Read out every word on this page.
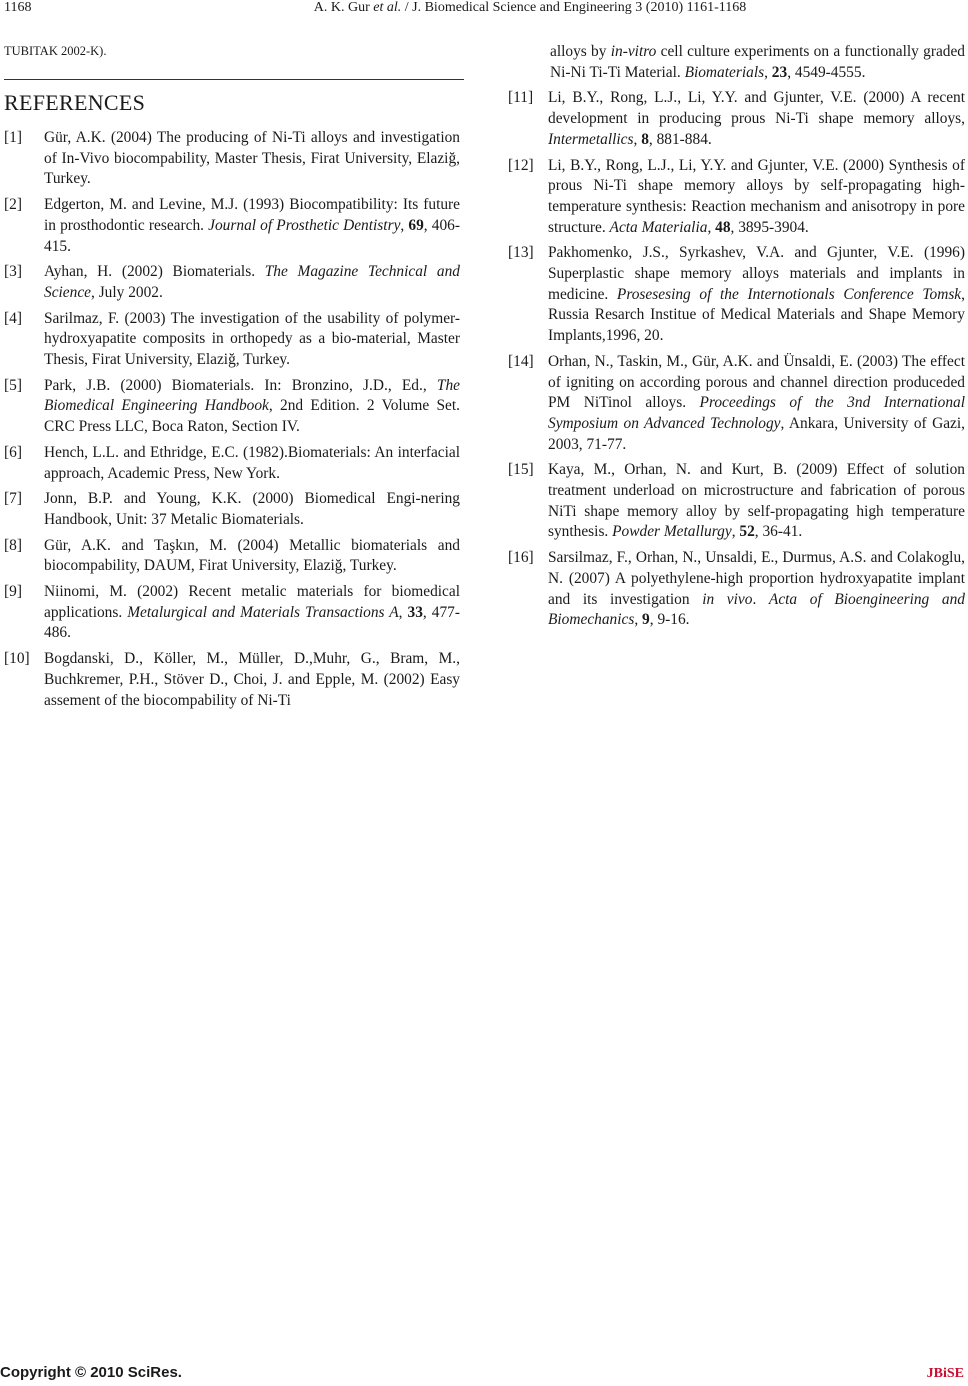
1168	A. K. Gur et al. / J. Biomedical Science and Engineering 3 (2010) 1161-1168
TUBITAK 2002-K).
REFERENCES
[1] Gür, A.K. (2004) The producing of Ni-Ti alloys and investigation of In-Vivo biocompability, Master Thesis, Firat University, Elaziğ, Turkey.
[2] Edgerton, M. and Levine, M.J. (1993) Biocompatibility: Its future in prosthodontic research. Journal of Prosthetic Dentistry, 69, 406-415.
[3] Ayhan, H. (2002) Biomaterials. The Magazine Technical and Science, July 2002.
[4] Sarilmaz, F. (2003) The investigation of the usability of polymer-hydroxyapatite composits in orthopedy as a bio-material, Master Thesis, Firat University, Elaziğ, Turkey.
[5] Park, J.B. (2000) Biomaterials. In: Bronzino, J.D., Ed., The Biomedical Engineering Handbook, 2nd Edition. 2 Volume Set. CRC Press LLC, Boca Raton, Section IV.
[6] Hench, L.L. and Ethridge, E.C. (1982).Biomaterials: An interfacial approach, Academic Press, New York.
[7] Jonn, B.P. and Young, K.K. (2000) Biomedical Engi-nering Handbook, Unit: 37 Metalic Biomaterials.
[8] Gür, A.K. and Taşkın, M. (2004) Metallic biomaterials and biocompability, DAUM, Firat University, Elaziğ, Turkey.
[9] Niinomi, M. (2002) Recent metalic materials for biomedical applications. Metalurgical and Materials Transactions A, 33, 477-486.
[10] Bogdanski, D., Köller, M., Müller, D.,Muhr, G., Bram, M., Buchkremer, P.H., Stöver D., Choi, J. and Epple, M. (2002) Easy assement of the biocompability of Ni-Ti
alloys by in-vitro cell culture experiments on a functionally graded Ni-Ni Ti-Ti Material. Biomaterials, 23, 4549-4555.
[11] Li, B.Y., Rong, L.J., Li, Y.Y. and Gjunter, V.E. (2000) A recent development in producing prous Ni-Ti shape memory alloys, Intermetallics, 8, 881-884.
[12] Li, B.Y., Rong, L.J., Li, Y.Y. and Gjunter, V.E. (2000) Synthesis of prous Ni-Ti shape memory alloys by self-propagating high-temperature synthesis: Reaction mechanism and anisotropy in pore structure. Acta Materialia, 48, 3895-3904.
[13] Pakhomenko, J.S., Syrkashev, V.A. and Gjunter, V.E. (1996) Superplastic shape memory alloys materials and implants in medicine. Prosesesing of the Internotionals Conference Tomsk, Russia Resarch Institue of Medical Materials and Shape Memory Implants,1996, 20.
[14] Orhan, N., Taskin, M., Gür, A.K. and Ünsaldi, E. (2003) The effect of igniting on according porous and channel direction produceded PM NiTinol alloys. Proceedings of the 3nd International Symposium on Advanced Technology, Ankara, University of Gazi, 2003, 71-77.
[15] Kaya, M., Orhan, N. and Kurt, B. (2009) Effect of solution treatment underload on microstructure and fabrication of porous NiTi shape memory alloy by self-propagating high temperature synthesis. Powder Metallurgy, 52, 36-41.
[16] Sarsilmaz, F., Orhan, N., Unsaldi, E., Durmus, A.S. and Colakoglu, N. (2007) A polyethylene-high proportion hydroxyapatite implant and its investigation in vivo. Acta of Bioengineering and Biomechanics, 9, 9-16.
Copyright © 2010 SciRes.	JBiSE
